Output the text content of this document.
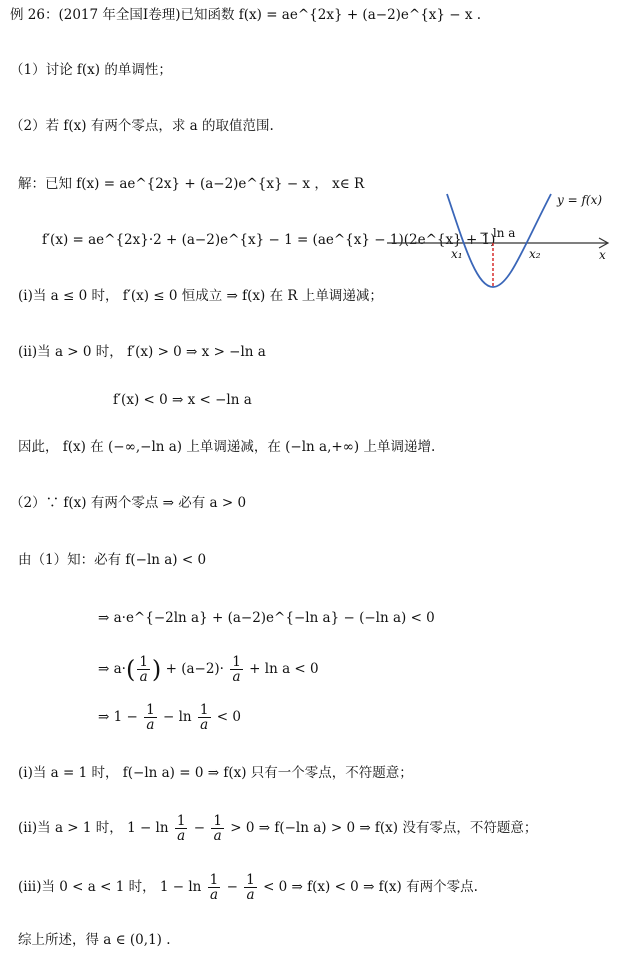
例 26：(2017 年全国Ⅰ卷理)已知函数 f(x) = ae^{2x} + (a−2)e^{x} − x .
（1）讨论 f(x) 的单调性；
（2）若 f(x) 有两个零点，求 a 的取值范围.
解：已知 f(x) = ae^{2x} + (a−2)e^{x} − x ， x∈ R
f′(x) = ae^{2x}·2 + (a−2)e^{x} − 1 = (ae^{x} − 1)(2e^{x} + 1)
y = f(x)
− ln a
x₁	x₂	x
(i)当 a ≤ 0 时， f′(x) ≤ 0 恒成立 ⇒ f(x) 在 R 上单调递减；
(ii)当 a > 0 时， f′(x) > 0 ⇒ x > −ln a
f′(x) < 0 ⇒ x < −ln a
因此， f(x) 在 (−∞,−ln a) 上单调递减，在 (−ln a,+∞) 上单调递增.
（2）∵ f(x) 有两个零点 ⇒ 必有 a > 0
由（1）知：必有 f(−ln a) < 0
⇒ a·e^{−2ln a} + (a−2)e^{−ln a} − (−ln a) < 0
⇒ $a\cdot( \frac{1}{a}$ ) + $(a-2)\cdot \frac{1}{a} + \ln a < 0$
⇒ $1 - \frac{1}{a} - \ln \frac{1}{a} < 0$
(i)当 a = 1 时， f(−ln a) = 0 ⇒ f(x) 只有一个零点，不符题意；
(ii)当 a > 1 时， $1 - \ln \frac{1}{a} - \frac{1}{a} > 0$ ⇒ f(−ln a) > 0 ⇒ f(x) 没有零点，不符题意；
(iii)当 0 < a < 1 时， $1 - \ln \frac{1}{a} - \frac{1}{a} < 0$ ⇒ f(x) < 0 ⇒ f(x) 有两个零点.
综上所述，得 a ∈ (0,1) .
